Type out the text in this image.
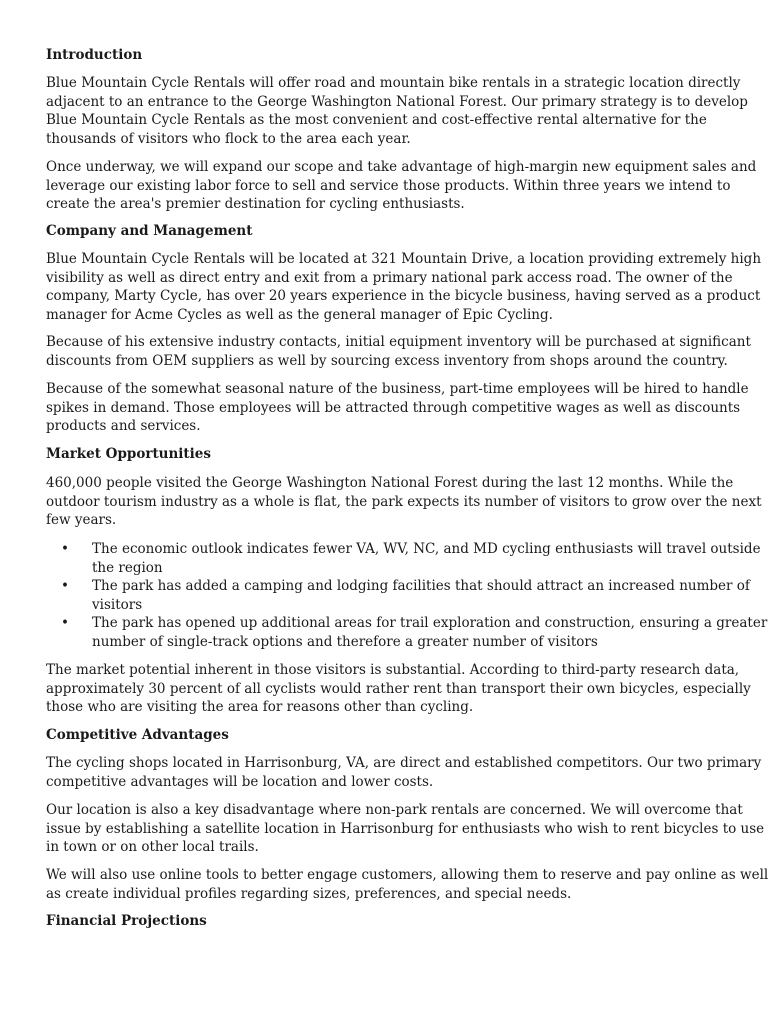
Introduction
Blue Mountain Cycle Rentals will offer road and mountain bike rentals in a strategic location directly
adjacent to an entrance to the George Washington National Forest. Our primary strategy is to develop
Blue Mountain Cycle Rentals as the most convenient and cost-effective rental alternative for the
thousands of visitors who flock to the area each year.
Once underway, we will expand our scope and take advantage of high-margin new equipment sales and
leverage our existing labor force to sell and service those products. Within three years we intend to
create the area's premier destination for cycling enthusiasts.
Company and Management
Blue Mountain Cycle Rentals will be located at 321 Mountain Drive, a location providing extremely high
visibility as well as direct entry and exit from a primary national park access road. The owner of the
company, Marty Cycle, has over 20 years experience in the bicycle business, having served as a product
manager for Acme Cycles as well as the general manager of Epic Cycling.
Because of his extensive industry contacts, initial equipment inventory will be purchased at significant
discounts from OEM suppliers as well by sourcing excess inventory from shops around the country.
Because of the somewhat seasonal nature of the business, part-time employees will be hired to handle
spikes in demand. Those employees will be attracted through competitive wages as well as discounts
products and services.
Market Opportunities
460,000 people visited the George Washington National Forest during the last 12 months. While the
outdoor tourism industry as a whole is flat, the park expects its number of visitors to grow over the next
few years.
• The economic outlook indicates fewer VA, WV, NC, and MD cycling enthusiasts will travel outside
the region
• The park has added a camping and lodging facilities that should attract an increased number of
visitors
• The park has opened up additional areas for trail exploration and construction, ensuring a greater
number of single-track options and therefore a greater number of visitors
The market potential inherent in those visitors is substantial. According to third-party research data,
approximately 30 percent of all cyclists would rather rent than transport their own bicycles, especially
those who are visiting the area for reasons other than cycling.
Competitive Advantages
The cycling shops located in Harrisonburg, VA, are direct and established competitors. Our two primary
competitive advantages will be location and lower costs.
Our location is also a key disadvantage where non-park rentals are concerned. We will overcome that
issue by establishing a satellite location in Harrisonburg for enthusiasts who wish to rent bicycles to use
in town or on other local trails.
We will also use online tools to better engage customers, allowing them to reserve and pay online as well
as create individual profiles regarding sizes, preferences, and special needs.
Financial Projections
